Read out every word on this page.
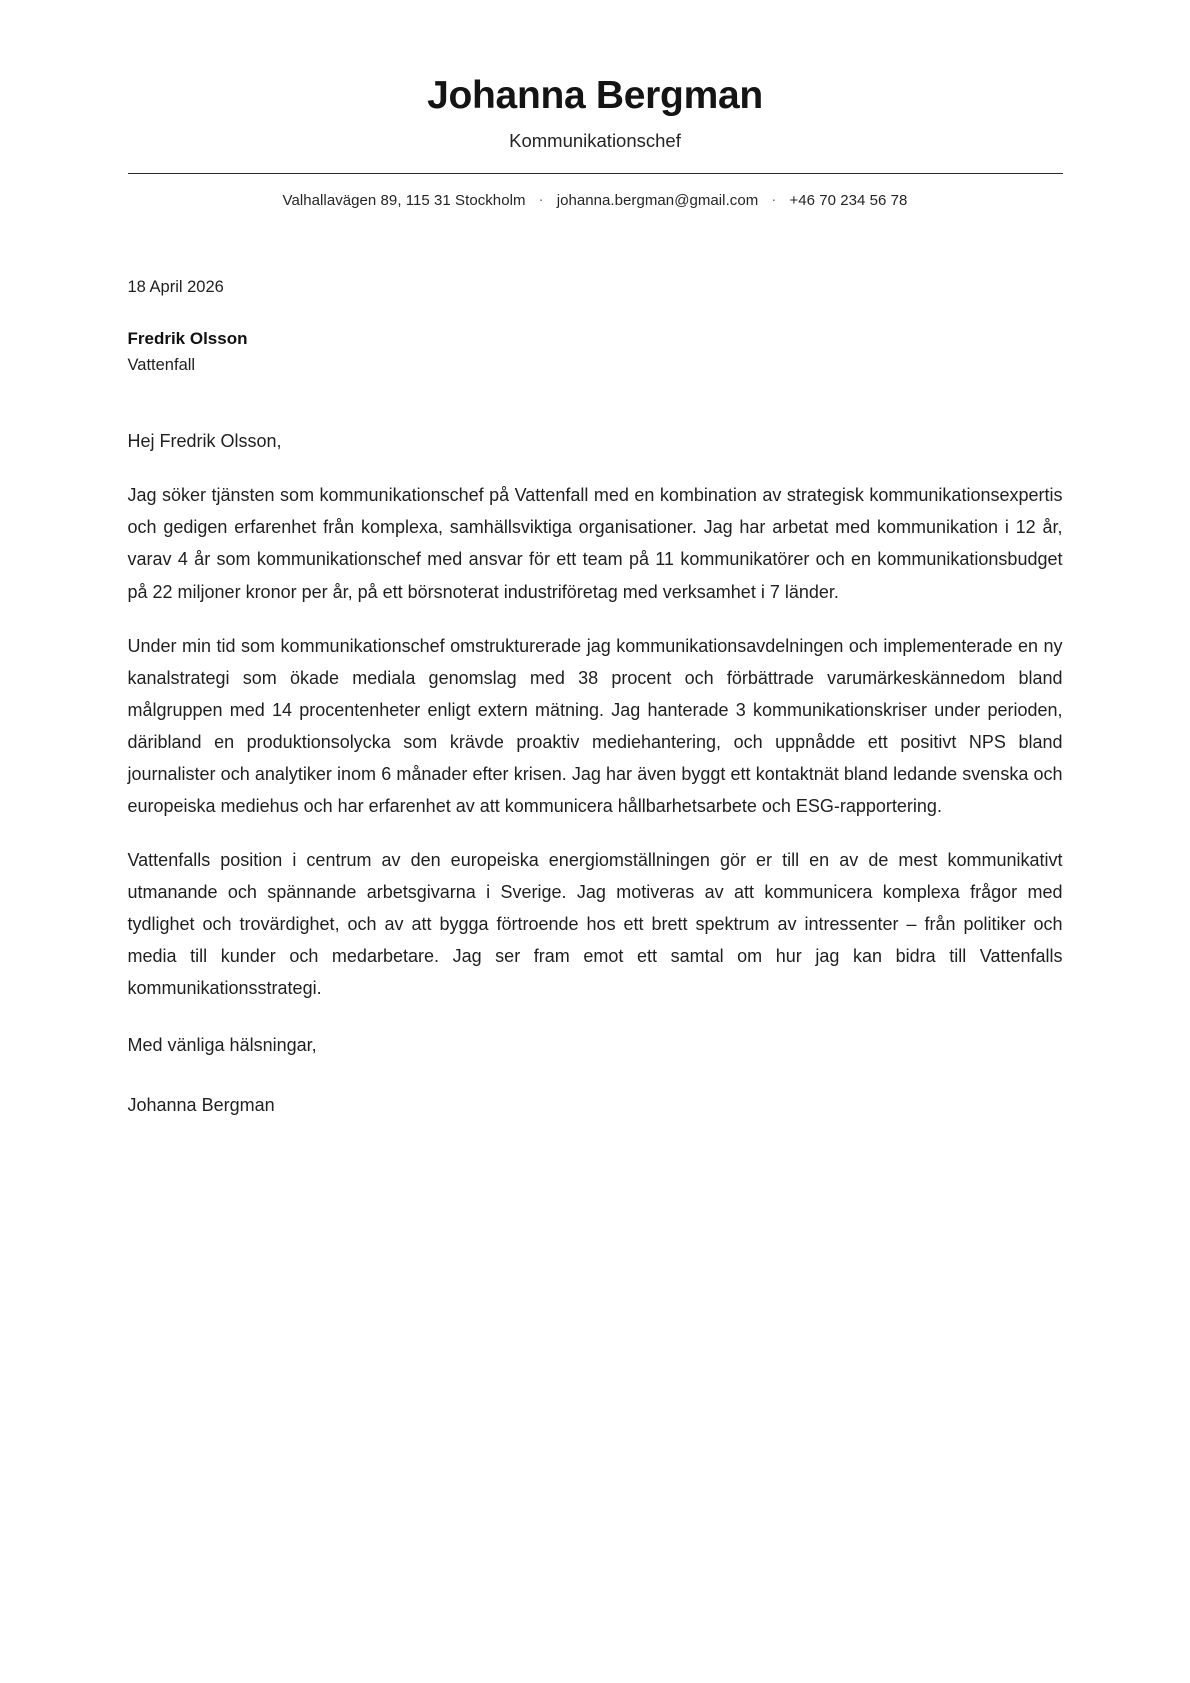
Johanna Bergman
Kommunikationschef
Valhallavägen 89, 115 31 Stockholm · johanna.bergman@gmail.com · +46 70 234 56 78
18 April 2026
Fredrik Olsson
Vattenfall

Hej Fredrik Olsson,

Jag söker tjänsten som kommunikationschef på Vattenfall med en kombination av strategisk kommunikationsexpertis och gedigen erfarenhet från komplexa, samhällsviktiga organisationer. Jag har arbetat med kommunikation i 12 år, varav 4 år som kommunikationschef med ansvar för ett team på 11 kommunikatörer och en kommunikationsbudget på 22 miljoner kronor per år, på ett börsnoterat industriföretag med verksamhet i 7 länder.

Under min tid som kommunikationschef omstrukturerade jag kommunikationsavdelningen och implementerade en ny kanalstrategi som ökade mediala genomslag med 38 procent och förbättrade varumärkeskännedom bland målgruppen med 14 procentenheter enligt extern mätning. Jag hanterade 3 kommunikationskriser under perioden, däribland en produktionsolycka som krävde proaktiv mediehantering, och uppnådde ett positivt NPS bland journalister och analytiker inom 6 månader efter krisen. Jag har även byggt ett kontaktnät bland ledande svenska och europeiska mediehus och har erfarenhet av att kommunicera hållbarhetsarbete och ESG-rapportering.

Vattenfalls position i centrum av den europeiska energiomställningen gör er till en av de mest kommunikativt utmanande och spännande arbetsgivarna i Sverige. Jag motiveras av att kommunicera komplexa frågor med tydlighet och trovärdighet, och av att bygga förtroende hos ett brett spektrum av intressenter – från politiker och media till kunder och medarbetare. Jag ser fram emot ett samtal om hur jag kan bidra till Vattenfalls kommunikationsstrategi.

Med vänliga hälsningar,

Johanna Bergman
